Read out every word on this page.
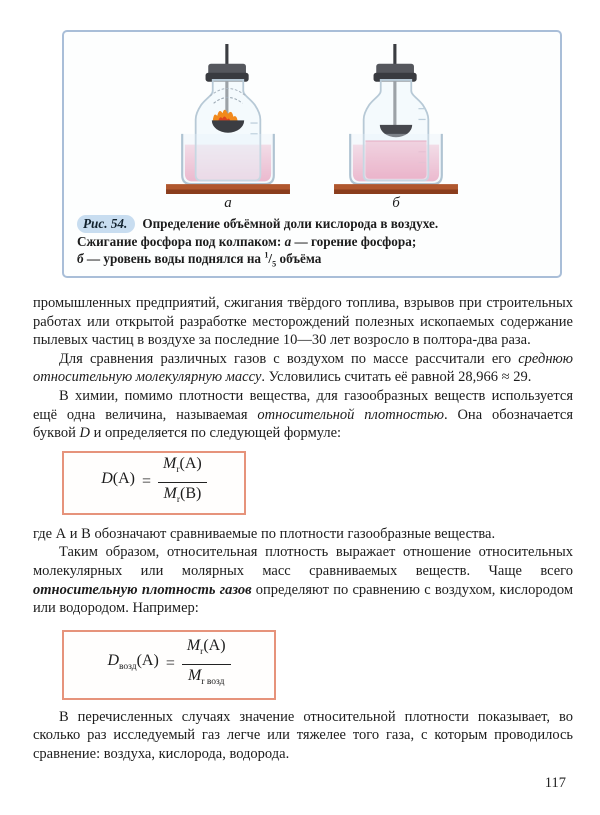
а	б
Рис. 54. Определение объёмной доли кислорода в воздухе.
Сжигание фосфора под колпаком: а — горение фосфора;
б — уровень воды поднялся на $^1/_5$ объёма

промышленных предприятий, сжигания твёрдого топлива, взрывов при строительных работах или открытой разработке месторождений полезных ископаемых содержание пылевых частиц в воздухе за последние 10—30 лет возросло в полтора-два раза.

Для сравнения различных газов с воздухом по массе рассчитали его среднюю относительную молекулярную массу. Условились считать её равной 28,966 ≈ 29.

В химии, помимо плотности вещества, для газообразных веществ используется ещё одна величина, называемая относительной плотностью. Она обозначается буквой D и определяется по следующей формуле:

$D(A) = \frac{M_r(A)}{M_r(B)}$

где А и В обозначают сравниваемые по плотности газообразные вещества.

Таким образом, относительная плотность выражает отношение относительных молекулярных или молярных масс сравниваемых веществ. Чаще всего относительную плотность газов определяют по сравнению с воздухом, кислородом или водородом. Например:

$D_{возд}(A) = \frac{M_r(A)}{M_{r возд}}$

В перечисленных случаях значение относительной плотности показывает, во сколько раз исследуемый газ легче или тяжелее того газа, с которым проводилось сравнение: воздуха, кислорода, водорода.

117
